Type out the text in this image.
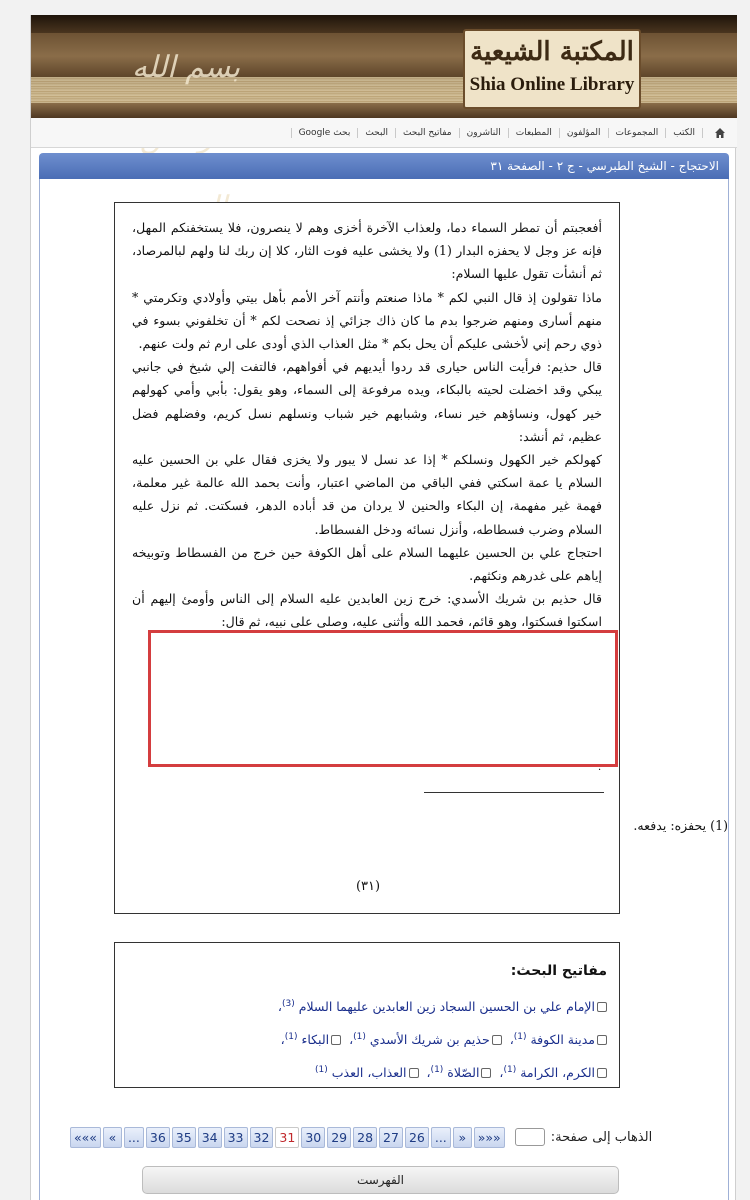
بسم الله	المكتبة الشيعية
Shia Online Library
الكتب
المجموعات
المؤلفون
المطبعات
الناشرون
مفاتيح البحث
البحث
بحث Google
الاحتجاج - الشيخ الطبرسي - ج ٢ - الصفحة ٣١

أفعجبتم أن تمطر السماء دما، ولعذاب الآخرة أخزى وهم لا ينصرون، فلا يستخفنكم المهل، فإنه عز وجل لا يحفزه البدار (1) ولا يخشى عليه فوت الثار، كلا إن ربك لنا ولهم لبالمرصاد، ثم أنشأت تقول عليها السلام:

ماذا تقولون إذ قال النبي لكم * ماذا صنعتم وأنتم آخر الأمم بأهل بيتي وأولادي وتكرمتي * منهم أسارى ومنهم ضرجوا بدم ما كان ذاك جزائي إذ نصحت لكم * أن تخلفوني بسوء في ذوي رحم إني لأخشى عليكم أن يحل بكم * مثل العذاب الذي أودى على ارم ثم ولت عنهم.

قال حذيم: فرأيت الناس حيارى قد ردوا أيديهم في أفواههم، فالتفت إلي شيخ في جانبي يبكي وقد اخضلت لحيته بالبكاء، ويده مرفوعة إلى السماء، وهو يقول: بأبي وأمي كهولهم خير كهول، ونساؤهم خير نساء، وشبابهم خير شباب ونسلهم نسل كريم، وفضلهم فضل عظيم، ثم أنشد:

كهولكم خير الكهول ونسلكم * إذا عد نسل لا يبور ولا يخزى فقال علي بن الحسين عليه السلام يا عمة اسكتي ففي الباقي من الماضي اعتبار، وأنت بحمد الله عالمة غير معلمة، فهمة غير مفهمة، إن البكاء والحنين لا يردان من قد أباده الدهر، فسكتت. ثم نزل عليه السلام وضرب فسطاطه، وأنزل نسائه ودخل الفسطاط.

احتجاج علي بن الحسين عليهما السلام على أهل الكوفة حين خرج من الفسطاط وتوبيخه إياهم على غدرهم ونكثهم.

قال حذيم بن شريك الأسدي: خرج زين العابدين عليه السلام إلى الناس وأومئ إليهم أن اسكتوا فسكتوا، وهو قائم، فحمد الله وأثنى عليه، وصلى على نبيه، ثم قال:

(٣١)
.
(1) يحفزه: يدفعه.
مفاتيح البحث:
الإمام علي بن الحسين السجاد زين العابدين عليهما السلام $^{(3)}$،
مدينة الكوفة $^{(1)}$، حذيم بن شريك الأسدي $^{(1)}$، البكاء $^{(1)}$،
الكرم، الكرامة $^{(1)}$، الصّلاة $^{(1)}$، العذاب، العذب $^{(1)}$
الذهاب إلى صفحة:
«««
«
...
26
27
28
29
30
31
32
33
34
35
36
...
»
»»»
الفهرست
